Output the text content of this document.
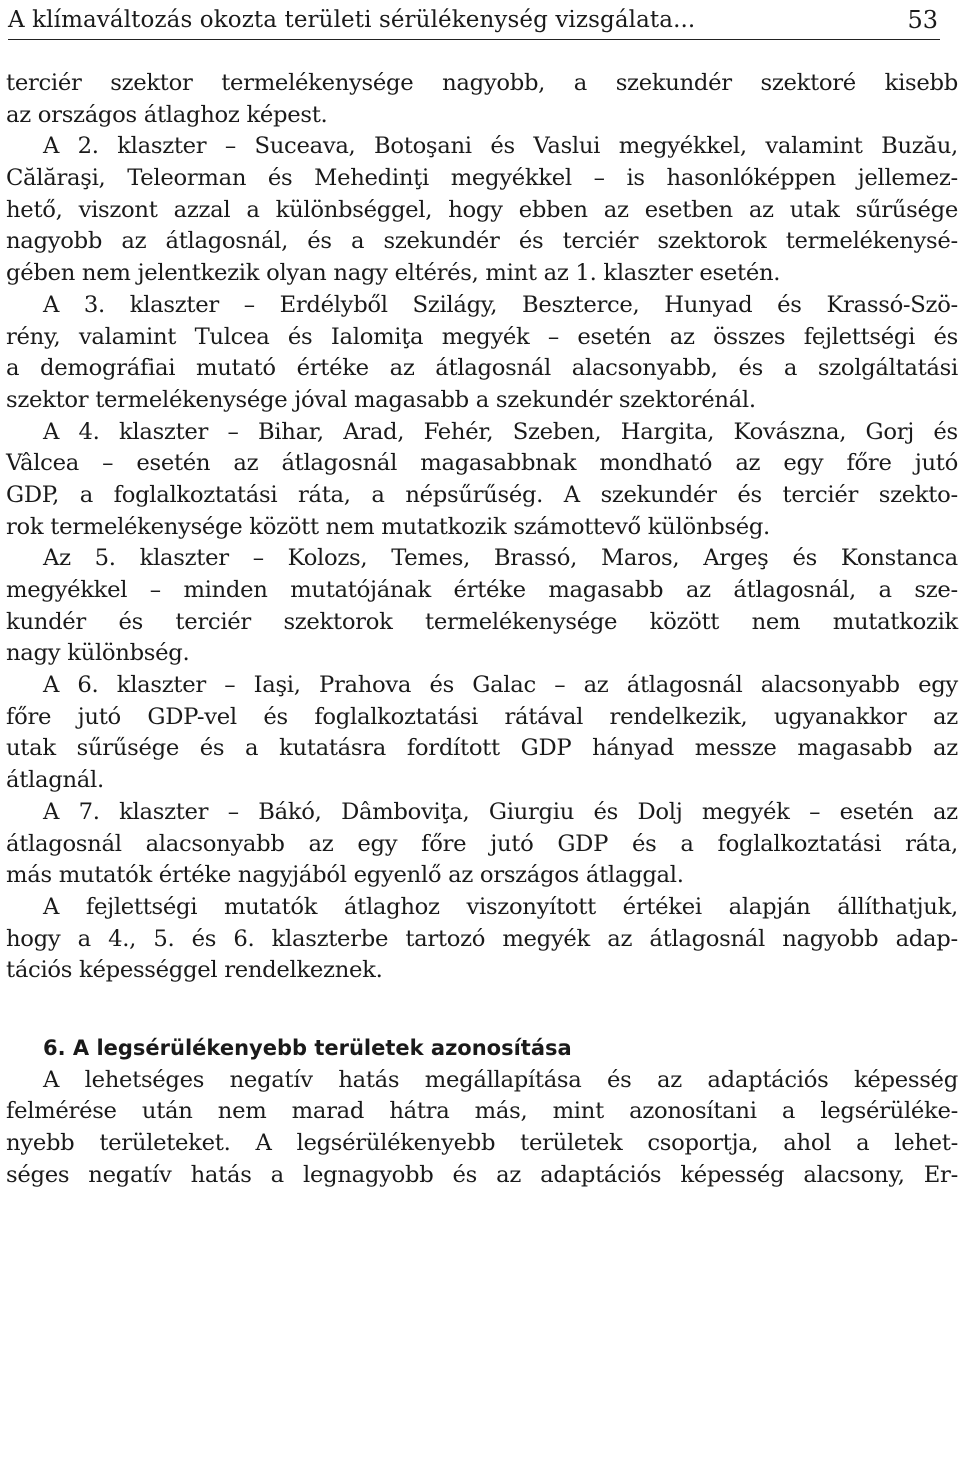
A klímaváltozás okozta területi sérülékenység vizsgálata...	53
terciér szektor termelékenysége nagyobb, a szekundér szektoré kisebb
az országos átlaghoz képest.
A 2. klaszter – Suceava, Botoşani és Vaslui megyékkel, valamint Buzău,
Călăraşi, Teleorman és Mehedinţi megyékkel – is hasonlóképpen jellemez-
hető, viszont azzal a különbséggel, hogy ebben az esetben az utak sűrűsége
nagyobb az átlagosnál, és a szekundér és terciér szektorok termelékenysé-
gében nem jelentkezik olyan nagy eltérés, mint az 1. klaszter esetén.
A 3. klaszter – Erdélyből Szilágy, Beszterce, Hunyad és Krassó-Szö-
rény, valamint Tulcea és Ialomiţa megyék – esetén az összes fejlettségi és
a demográfiai mutató értéke az átlagosnál alacsonyabb, és a szolgáltatási
szektor termelékenysége jóval magasabb a szekundér szektorénál.
A 4. klaszter – Bihar, Arad, Fehér, Szeben, Hargita, Kovászna, Gorj és
Vâlcea – esetén az átlagosnál magasabbnak mondható az egy főre jutó
GDP, a foglalkoztatási ráta, a népsűrűség. A szekundér és terciér szekto-
rok termelékenysége között nem mutatkozik számottevő különbség.
Az 5. klaszter – Kolozs, Temes, Brassó, Maros, Argeş és Konstanca
megyékkel – minden mutatójának értéke magasabb az átlagosnál, a sze-
kundér és terciér szektorok termelékenysége között nem mutatkozik
nagy különbség.
A 6. klaszter – Iaşi, Prahova és Galac – az átlagosnál alacsonyabb egy
főre jutó GDP-vel és foglalkoztatási rátával rendelkezik, ugyanakkor az
utak sűrűsége és a kutatásra fordított GDP hányad messze magasabb az
átlagnál.
A 7. klaszter – Bákó, Dâmboviţa, Giurgiu és Dolj megyék – esetén az
átlagosnál alacsonyabb az egy főre jutó GDP és a foglalkoztatási ráta,
más mutatók értéke nagyjából egyenlő az országos átlaggal.
A fejlettségi mutatók átlaghoz viszonyított értékei alapján állíthatjuk,
hogy a 4., 5. és 6. klaszterbe tartozó megyék az átlagosnál nagyobb adap-
tációs képességgel rendelkeznek.
6. A legsérülékenyebb területek azonosítása
A lehetséges negatív hatás megállapítása és az adaptációs képesség
felmérése után nem marad hátra más, mint azonosítani a legsérüléke-
nyebb területeket. A legsérülékenyebb területek csoportja, ahol a lehet-
séges negatív hatás a legnagyobb és az adaptációs képesség alacsony, Er-
